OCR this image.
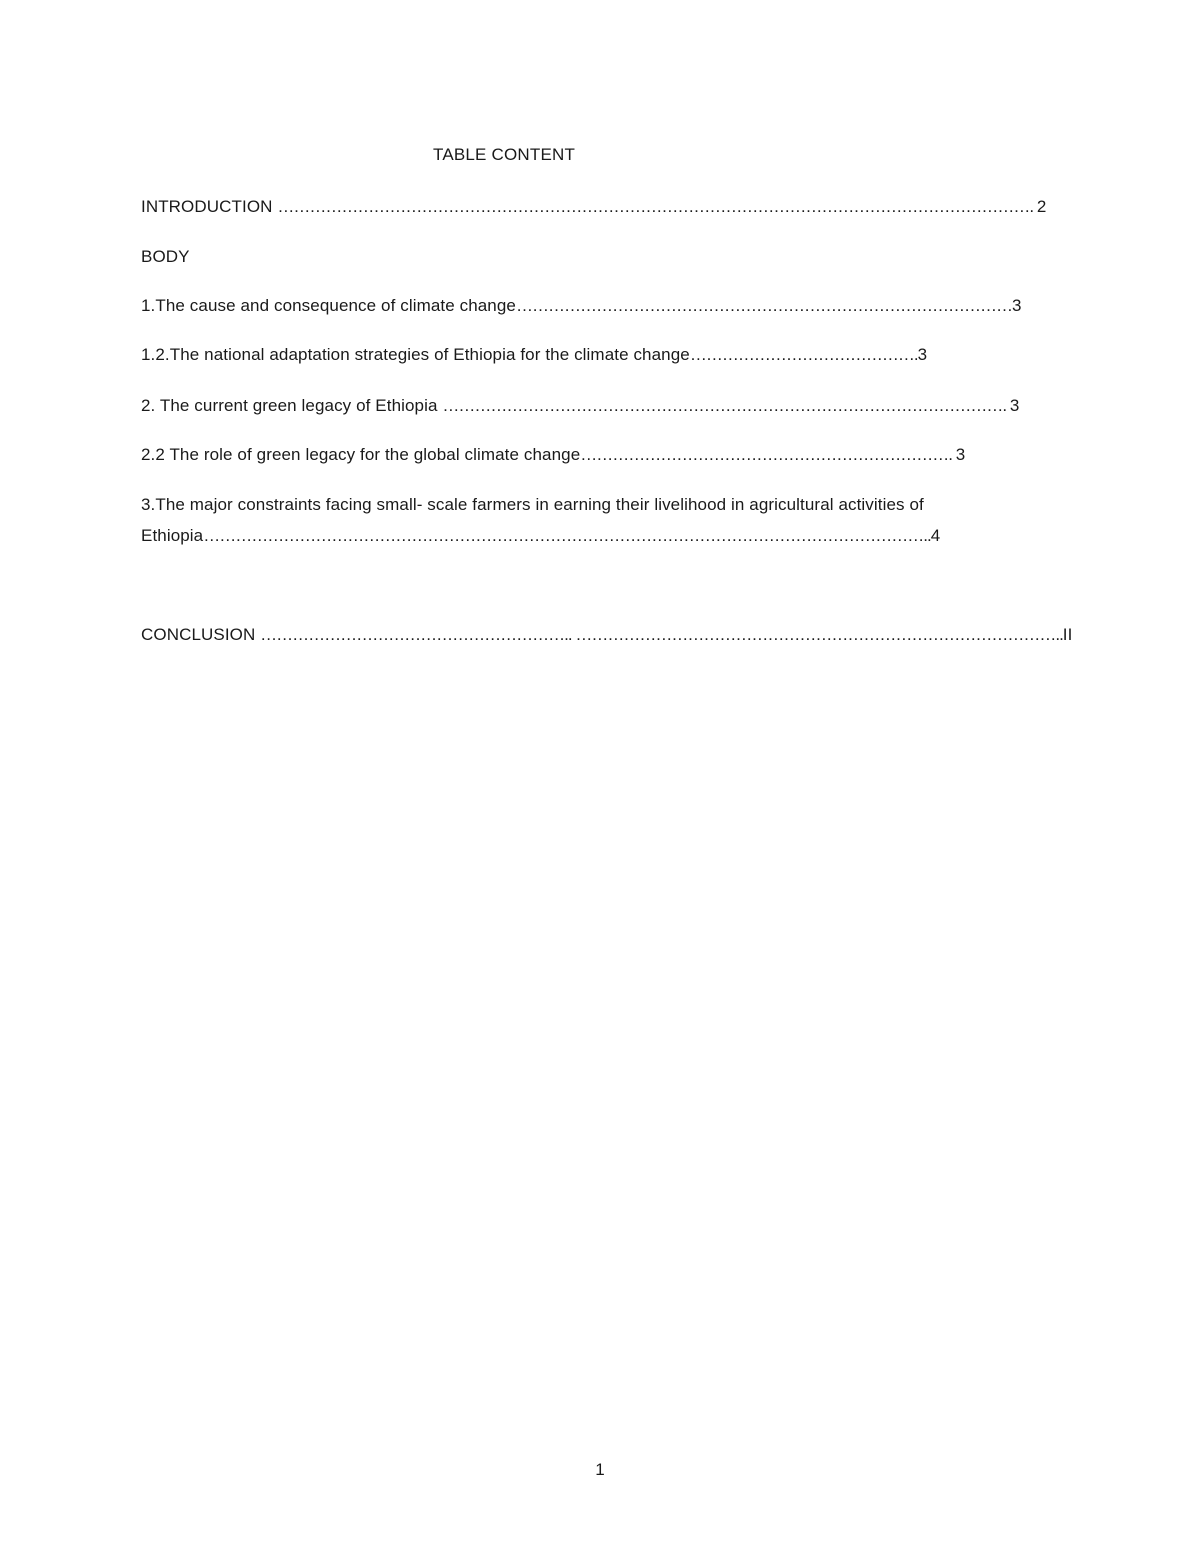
TABLE CONTENT
INTRODUCTION ……………………………………………………………………………………………………………………………. 2
BODY
1.The cause and consequence of climate change…………………………………………………………………………………3
1.2.The national adaptation strategies of Ethiopia for the climate change…………………………………….3
2. The current green legacy of Ethiopia ……………………………………………………………………………………………. 3
2.2 The role of green legacy for the global climate change……………………………………………………………. 3
3.The major constraints facing small- scale farmers in earning their livelihood in agricultural activities of Ethiopia………………………………………………………………………………………………………………………..4
CONCLUSION ………………………………………………….. ………………………………………………………………………………..II
1
